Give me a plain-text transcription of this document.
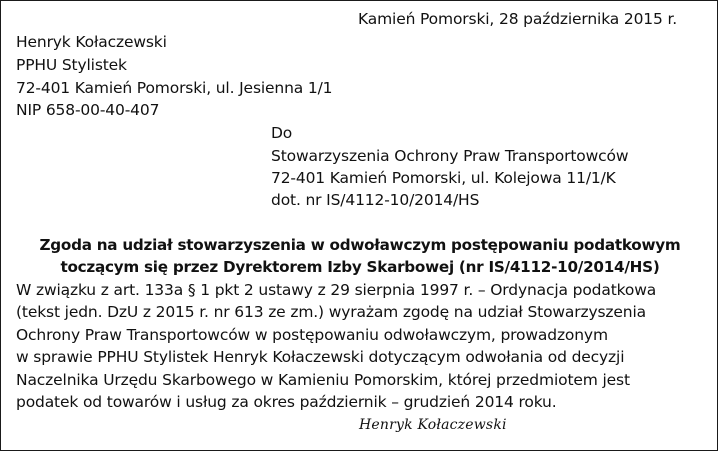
Kamień Pomorski, 28 października 2015 r.
Henryk Kołaczewski
PPHU Stylistek
72-401 Kamień Pomorski, ul. Jesienna 1/1
NIP 658-00-40-407
Do
Stowarzyszenia Ochrony Praw Transportowców
72-401 Kamień Pomorski, ul. Kolejowa 11/1/K
dot. nr IS/4112-10/2014/HS
Zgoda na udział stowarzyszenia w odwoławczym postępowaniu podatkowym
toczącym się przez Dyrektorem Izby Skarbowej (nr IS/4112-10/2014/HS)
W związku z art. 133a § 1 pkt 2 ustawy z 29 sierpnia 1997 r. – Ordynacja podatkowa
(tekst jedn. DzU z 2015 r. nr 613 ze zm.) wyrażam zgodę na udział Stowarzyszenia
Ochrony Praw Transportowców w postępowaniu odwoławczym, prowadzonym
w sprawie PPHU Stylistek Henryk Kołaczewski dotyczącym odwołania od decyzji
Naczelnika Urzędu Skarbowego w Kamieniu Pomorskim, której przedmiotem jest
podatek od towarów i usług za okres październik – grudzień 2014 roku.
Henryk Kołaczewski
